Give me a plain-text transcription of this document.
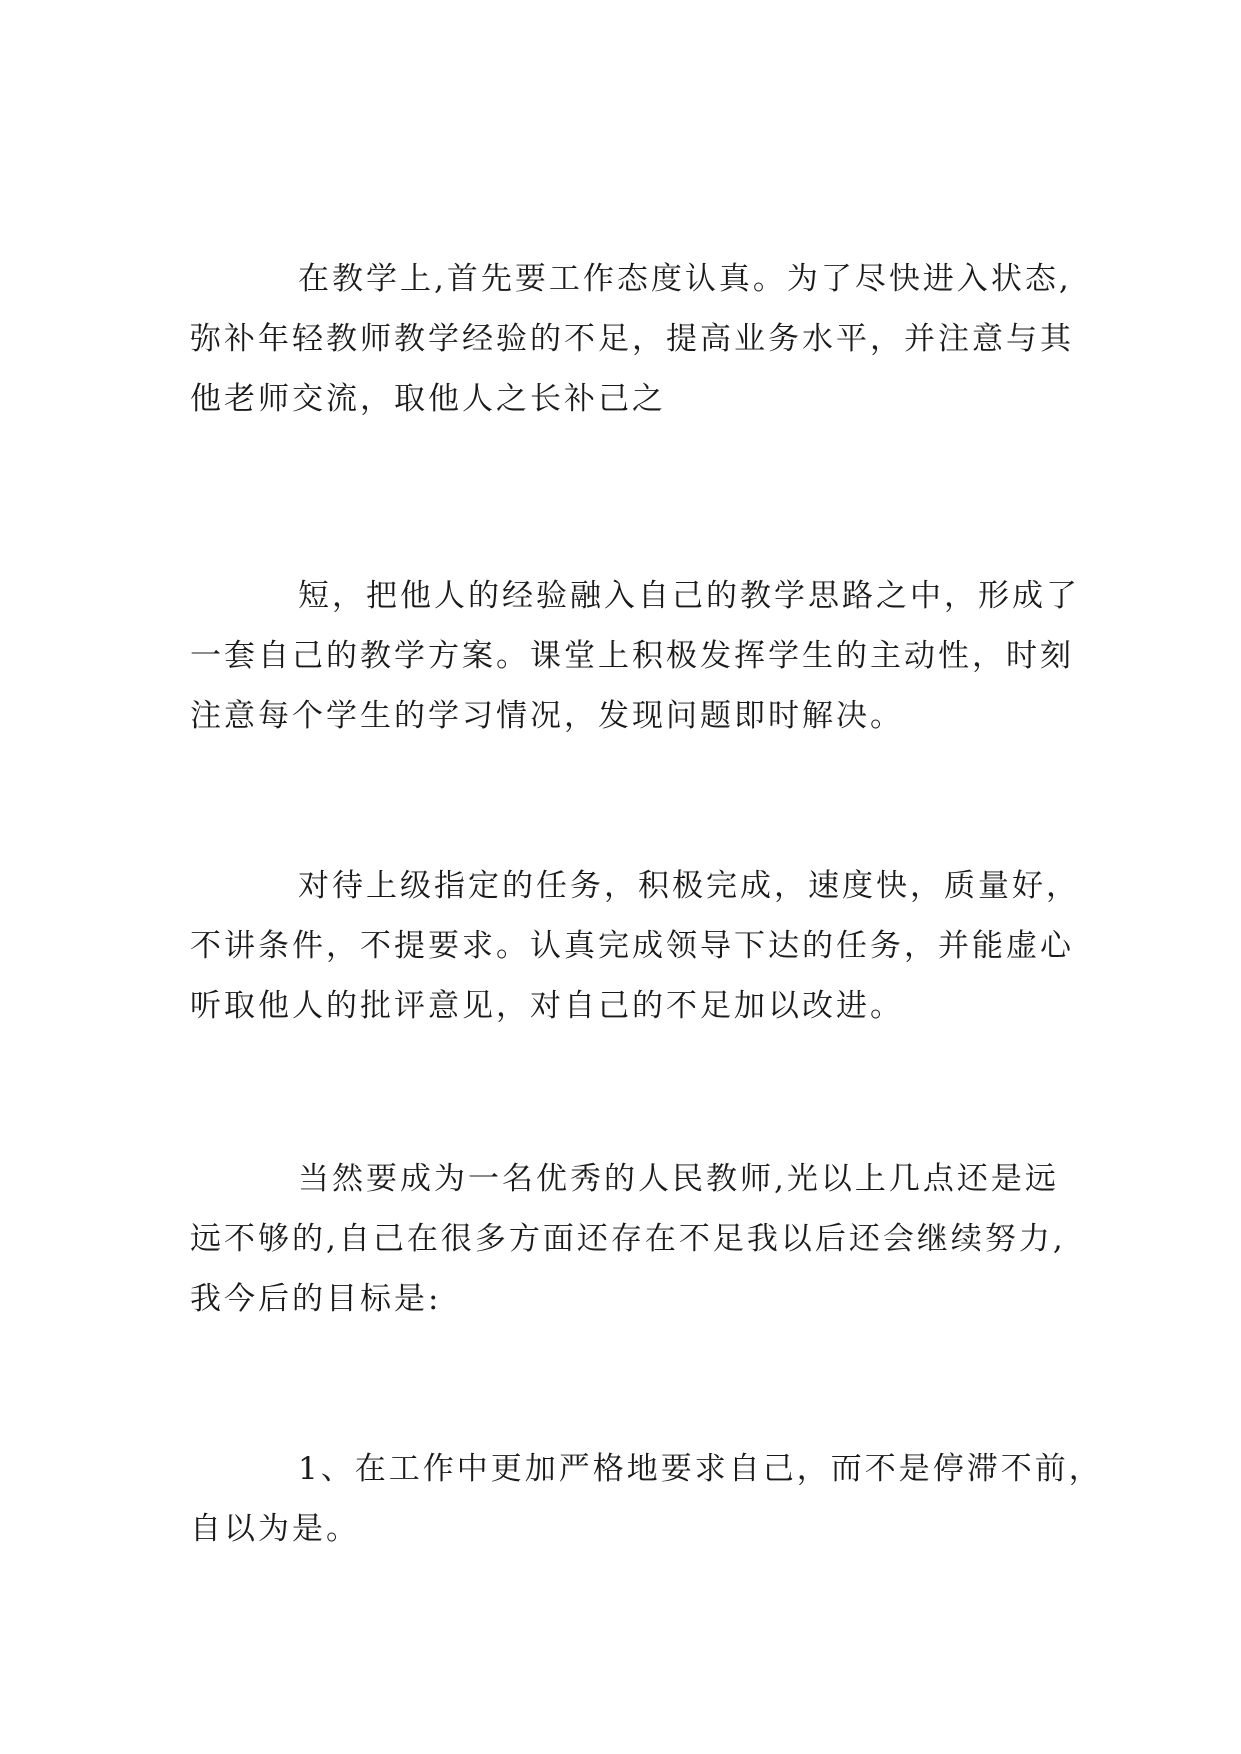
在教学上,首先要工作态度认真。为了尽快进入状态,
弥补年轻教师教学经验的不足，提高业务水平，并注意与其
他老师交流，取他人之长补己之

短，把他人的经验融入自己的教学思路之中，形成了
一套自己的教学方案。课堂上积极发挥学生的主动性，时刻
注意每个学生的学习情况，发现问题即时解决。

对待上级指定的任务，积极完成，速度快，质量好，
不讲条件，不提要求。认真完成领导下达的任务，并能虚心
听取他人的批评意见，对自己的不足加以改进。

当然要成为一名优秀的人民教师,光以上几点还是远
远不够的,自己在很多方面还存在不足我以后还会继续努力,
我今后的目标是:

1、在工作中更加严格地要求自己，而不是停滞不前，
自以为是。
